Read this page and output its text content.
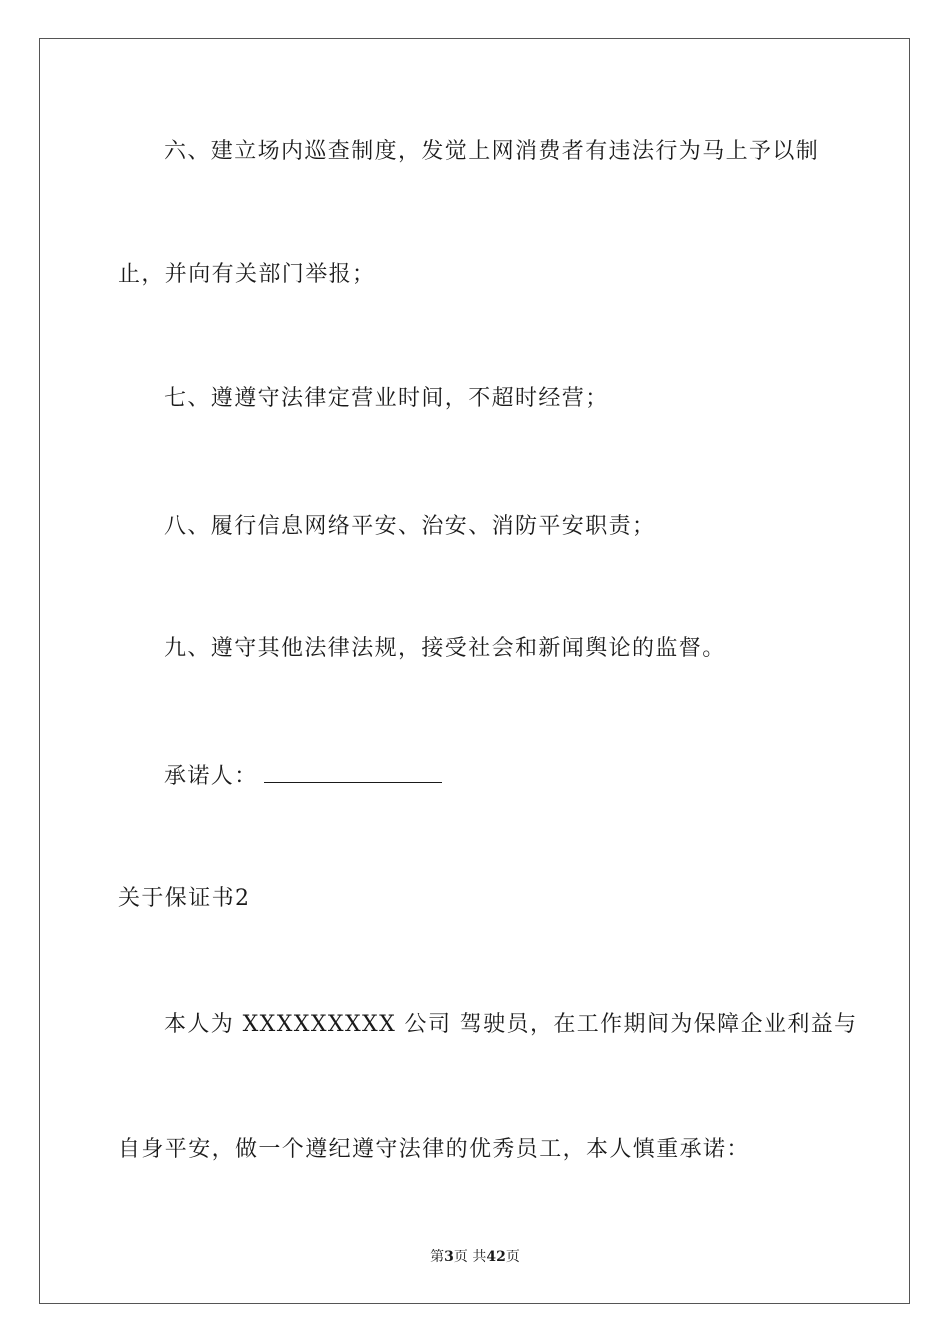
六、建立场内巡查制度，发觉上网消费者有违法行为马上予以制
止，并向有关部门举报；
七、遵遵守法律定营业时间，不超时经营；
八、履行信息网络平安、治安、消防平安职责；
九、遵守其他法律法规，接受社会和新闻舆论的监督。
承诺人：
关于保证书2
本人为 XXXXXXXXX 公司 驾驶员，在工作期间为保障企业利益与
自身平安，做一个遵纪遵守法律的优秀员工，本人慎重承诺：
第3页 共42页
